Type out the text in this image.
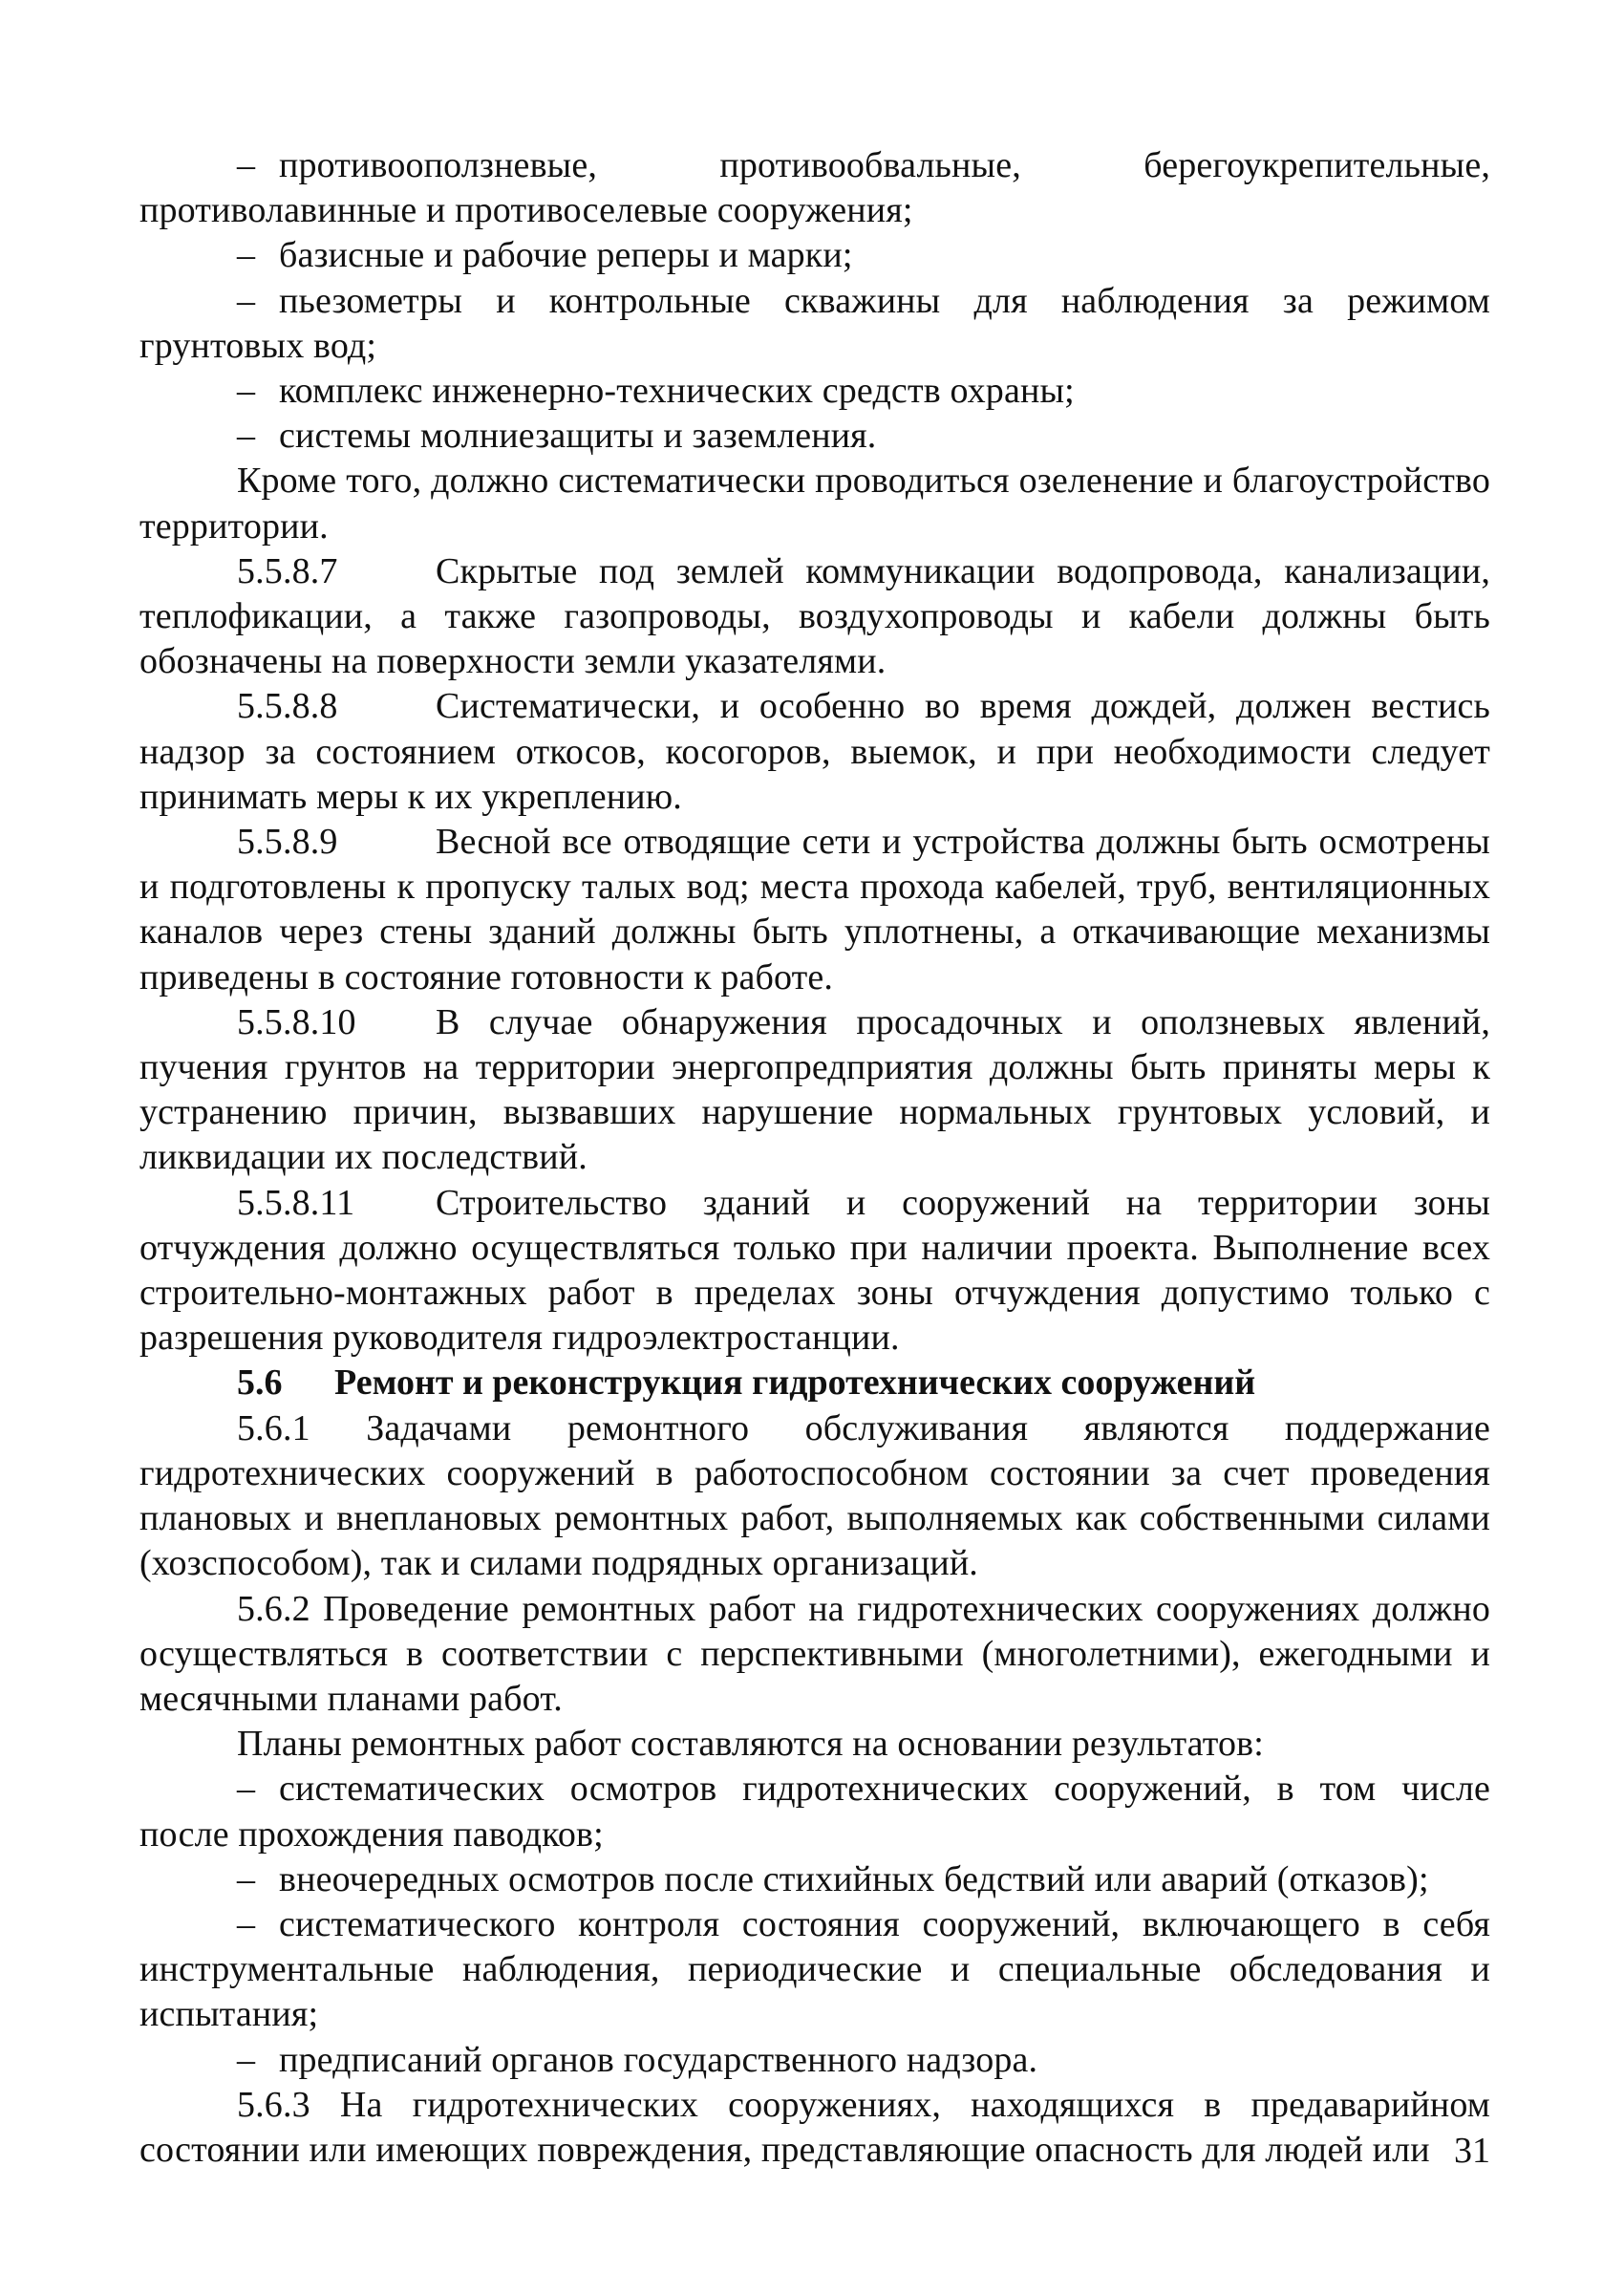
– противооползневые, противообвальные, берегоукрепительные, противолавинные и противоселевые сооружения;

– базисные и рабочие реперы и марки;

– пьезометры и контрольные скважины для наблюдения за режимом грунтовых вод;

– комплекс инженерно-технических средств охраны;

– системы молниезащиты и заземления.

Кроме того, должно систематически проводиться озеленение и благоустройство территории.

5.5.8.7	Скрытые под землей коммуникации водопровода, канализации, теплофикации, а также газопроводы, воздухопроводы и кабели должны быть обозначены на поверхности земли указателями.

5.5.8.8	Систематически, и особенно во время дождей, должен вестись надзор за состоянием откосов, косогоров, выемок, и при необходимости следует принимать меры к их укреплению.

5.5.8.9	Весной все отводящие сети и устройства должны быть осмотрены и подготовлены к пропуску талых вод; места прохода кабелей, труб, вентиляционных каналов через стены зданий должны быть уплотнены, а откачивающие механизмы приведены в состояние готовности к работе.

5.5.8.10 В случае обнаружения просадочных и оползневых явлений, пучения грунтов на территории энергопредприятия должны быть приняты меры к устранению причин, вызвавших нарушение нормальных грунтовых условий, и ликвидации их последствий.

5.5.8.11 Строительство зданий и сооружений на территории зоны отчуждения должно осуществляться только при наличии проекта. Выполнение всех строительно-монтажных работ в пределах зоны отчуждения допустимо только с разрешения руководителя гидроэлектростанции.

5.6 Ремонт и реконструкция гидротехнических сооружений

5.6.1 Задачами ремонтного обслуживания являются поддержание гидротехнических сооружений в работоспособном состоянии за счет проведения плановых и внеплановых ремонтных работ, выполняемых как собственными силами (хозспособом), так и силами подрядных организаций.

5.6.2 Проведение ремонтных работ на гидротехнических сооружениях должно осуществляться в соответствии с перспективными (многолетними), ежегодными и месячными планами работ.

Планы ремонтных работ составляются на основании результатов:

– систематических осмотров гидротехнических сооружений, в том числе после прохождения паводков;

– внеочередных осмотров после стихийных бедствий или аварий (отказов);

– систематического контроля состояния сооружений, включающего в себя инструментальные наблюдения, периодические и специальные обследования и испытания;

– предписаний органов государственного надзора.

5.6.3 На гидротехнических сооружениях, находящихся в предаварийном состоянии или имеющих повреждения, представляющие опасность для людей или 31
